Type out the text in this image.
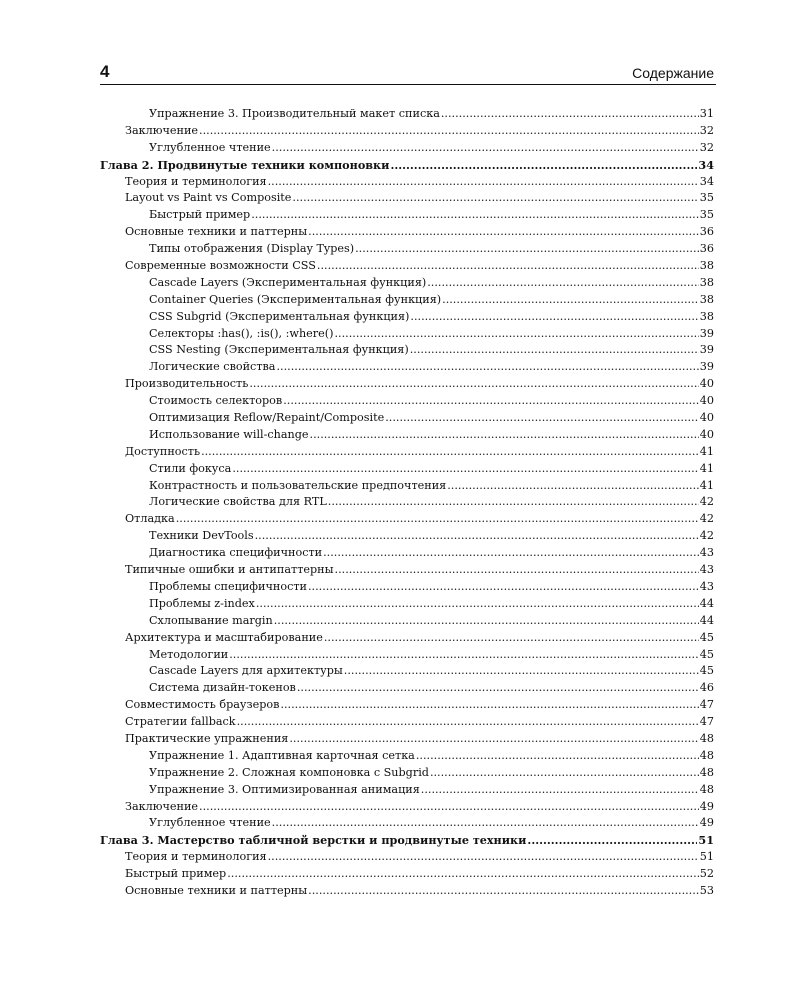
4	Содержание
Упражнение 3. Производительный макет списка .....	31
Заключение .....	32
Углубленное чтение .....	32
Глава 2. Продвинутые техники компоновки .....	34
Теория и терминология .....	34
Layout vs Paint vs Composite .....	35
Быстрый пример .....	35
Основные техники и паттерны .....	36
Типы отображения (Display Types) .....	36
Современные возможности CSS .....	38
Cascade Layers (Экспериментальная функция) .....	38
Container Queries (Экспериментальная функция) .....	38
CSS Subgrid (Экспериментальная функция) .....	38
Селекторы :has(), :is(), :where() .....	39
CSS Nesting (Экспериментальная функция) .....	39
Логические свойства .....	39
Производительность .....	40
Стоимость селекторов .....	40
Оптимизация Reflow/Repaint/Composite .....	40
Использование will-change .....	40
Доступность .....	41
Стили фокуса .....	41
Контрастность и пользовательские предпочтения .....	41
Логические свойства для RTL .....	42
Отладка .....	42
Техники DevTools .....	42
Диагностика специфичности .....	43
Типичные ошибки и антипаттерны .....	43
Проблемы специфичности .....	43
Проблемы z-index .....	44
Схлопывание margin .....	44
Архитектура и масштабирование .....	45
Методологии .....	45
Cascade Layers для архитектуры .....	45
Система дизайн-токенов .....	46
Совместимость браузеров .....	47
Стратегии fallback .....	47
Практические упражнения .....	48
Упражнение 1. Адаптивная карточная сетка .....	48
Упражнение 2. Сложная компоновка с Subgrid .....	48
Упражнение 3. Оптимизированная анимация .....	48
Заключение .....	49
Углубленное чтение .....	49
Глава 3. Мастерство табличной верстки и продвинутые техники .....	51
Теория и терминология .....	51
Быстрый пример .....	52
Основные техники и паттерны .....	53
